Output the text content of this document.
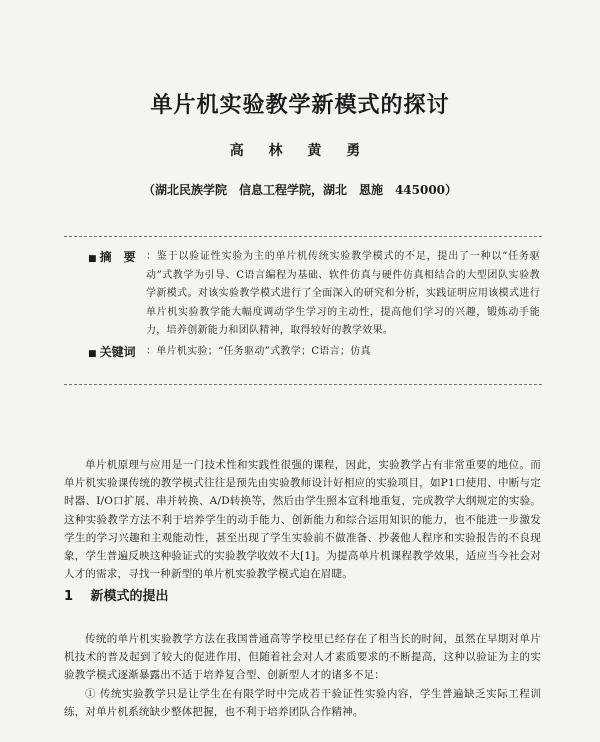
单片机实验教学新模式的探讨
高 林 黄 勇
（湖北民族学院　信息工程学院，湖北　恩施　445000）
■ 摘　要 ：鉴于以验证性实验为主的单片机传统实验教学模式的不足，提出了一种以“任务驱动”式教学为引导、C语言编程为基础、软件仿真与硬件仿真相结合的大型团队实验教学新模式。对该实验教学模式进行了全面深入的研究和分析，实践证明应用该模式进行单片机实验教学能大幅度调动学生学习的主动性，提高他们学习的兴趣，锻炼动手能力，培养创新能力和团队精神，取得较好的教学效果。
■ 关键词 ：单片机实验；“任务驱动”式教学；C语言；仿真

单片机原理与应用是一门技术性和实践性很强的课程，因此，实验教学占有非常重要的地位。而单片机实验课传统的教学模式往往是预先由实验教师设计好相应的实验项目，如P1口使用、中断与定时器、I/O口扩展、串并转换、A/D转换等，然后由学生照本宣科地重复，完成教学大纲规定的实验。这种实验教学方法不利于培养学生的动手能力、创新能力和综合运用知识的能力，也不能进一步激发学生的学习兴趣和主观能动性，甚至出现了学生实验前不做准备、抄袭他人程序和实验报告的不良现象，学生普遍反映这种验证式的实验教学收效不大[1]。为提高单片机课程教学效果，适应当今社会对人才的需求，寻找一种新型的单片机实验教学模式迫在眉睫。

1 新模式的提出

传统的单片机实验教学方法在我国普通高等学校里已经存在了相当长的时间，虽然在早期对单片机技术的普及起到了较大的促进作用，但随着社会对人才素质要求的不断提高，这种以验证为主的实验教学模式逐渐暴露出不适于培养复合型、创新型人才的诸多不足：

① 传统实验教学只是让学生在有限学时中完成若干验证性实验内容，学生普遍缺乏实际工程训练，对单片机系统缺少整体把握，也不利于培养团队合作精神。
